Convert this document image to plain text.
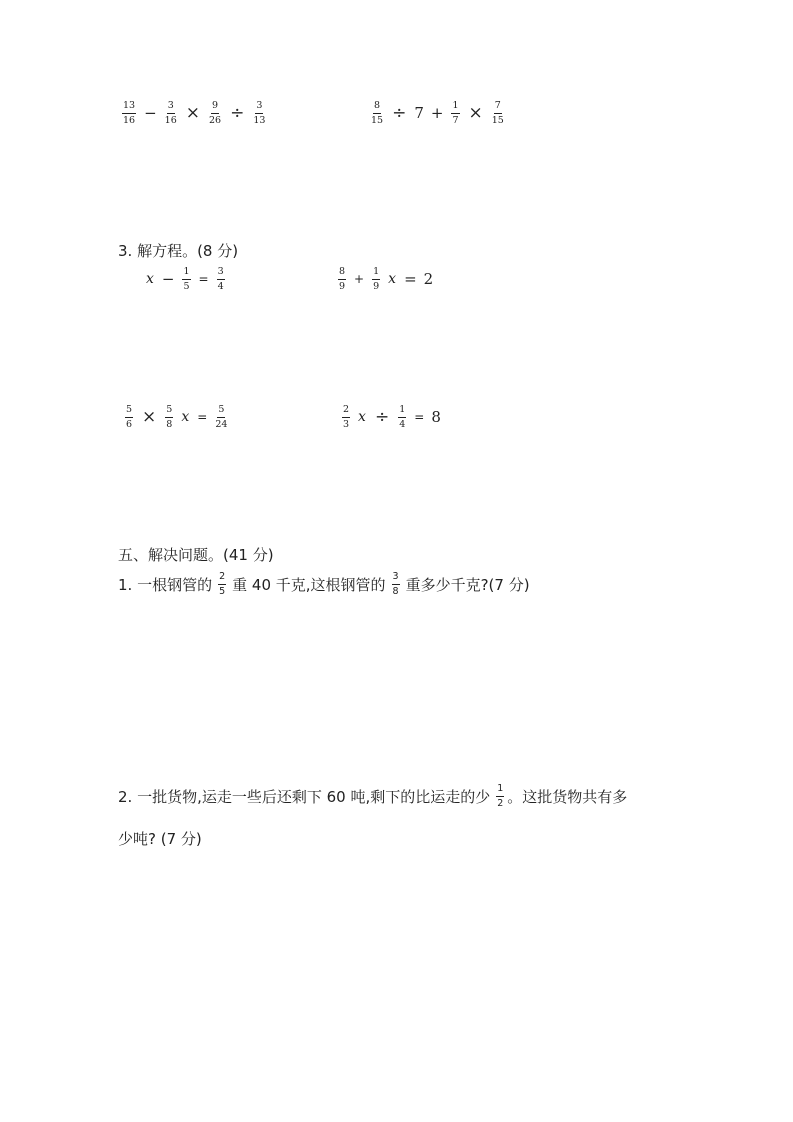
$\frac{13}{16} - \frac{3}{16} \times \frac{9}{26} \div \frac{3}{13}$	$\frac{8}{15} \div 7 + \frac{1}{7} \times \frac{7}{15}$
3. 解方程。(8 分)
$x - \frac{1}{5} = \frac{3}{4}$	$\frac{8}{9} + \frac{1}{9}$ x = 2
$\frac{5}{6} \times \frac{5}{8}$ $x = \frac{5}{24}$	$\frac{2}{3}$ $x \div \frac{1}{4} = 8$
五、解决问题。(41 分)
1. 一根钢管的 $\frac{2}{5}$ 重 40 千克,这根钢管的 $\frac{3}{8}$ 重多少千克?(7 分)
2. 一批货物,运走一些后还剩下 60 吨,剩下的比运走的少 $\frac{1}{2}$ 。这批货物共有多
少吨? (7 分)
